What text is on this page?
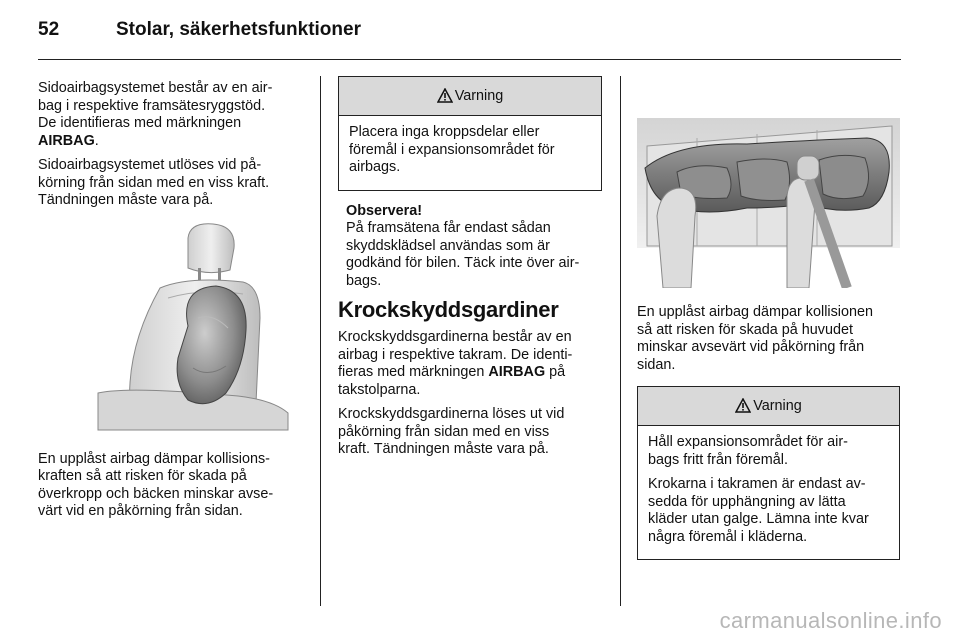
52	Stolar, säkerhetsfunktioner

Sidoairbagsystemet består av en air-
bag i respektive framsätesryggstöd.
De identifieras med märkningen
AIRBAG.

Sidoairbagsystemet utlöses vid på-
körning från sidan med en viss kraft.
Tändningen måste vara på.

En upplåst airbag dämpar kollisions-
kraften så att risken för skada på
överkropp och bäcken minskar avse-
värt vid en påkörning från sidan.

Varning

Placera inga kroppsdelar eller
föremål i expansionsområdet för
airbags.

Observera!

På framsätena får endast sådan
skyddsklädsel användas som är
godkänd för bilen. Täck inte över air-
bags.

Krockskyddsgardiner

Krockskyddsgardinerna består av en
airbag i respektive takram. De identi-
fieras med märkningen AIRBAG på
takstolparna.

Krockskyddsgardinerna löses ut vid
påkörning från sidan med en viss
kraft. Tändningen måste vara på.

En upplåst airbag dämpar kollisionen
så att risken för skada på huvudet
minskar avsevärt vid påkörning från
sidan.

Varning

Håll expansionsområdet för air-
bags fritt från föremål.

Krokarna i takramen är endast av-
sedda för upphängning av lätta
kläder utan galge. Lämna inte kvar
några föremål i kläderna.

carmanualsonline.info
